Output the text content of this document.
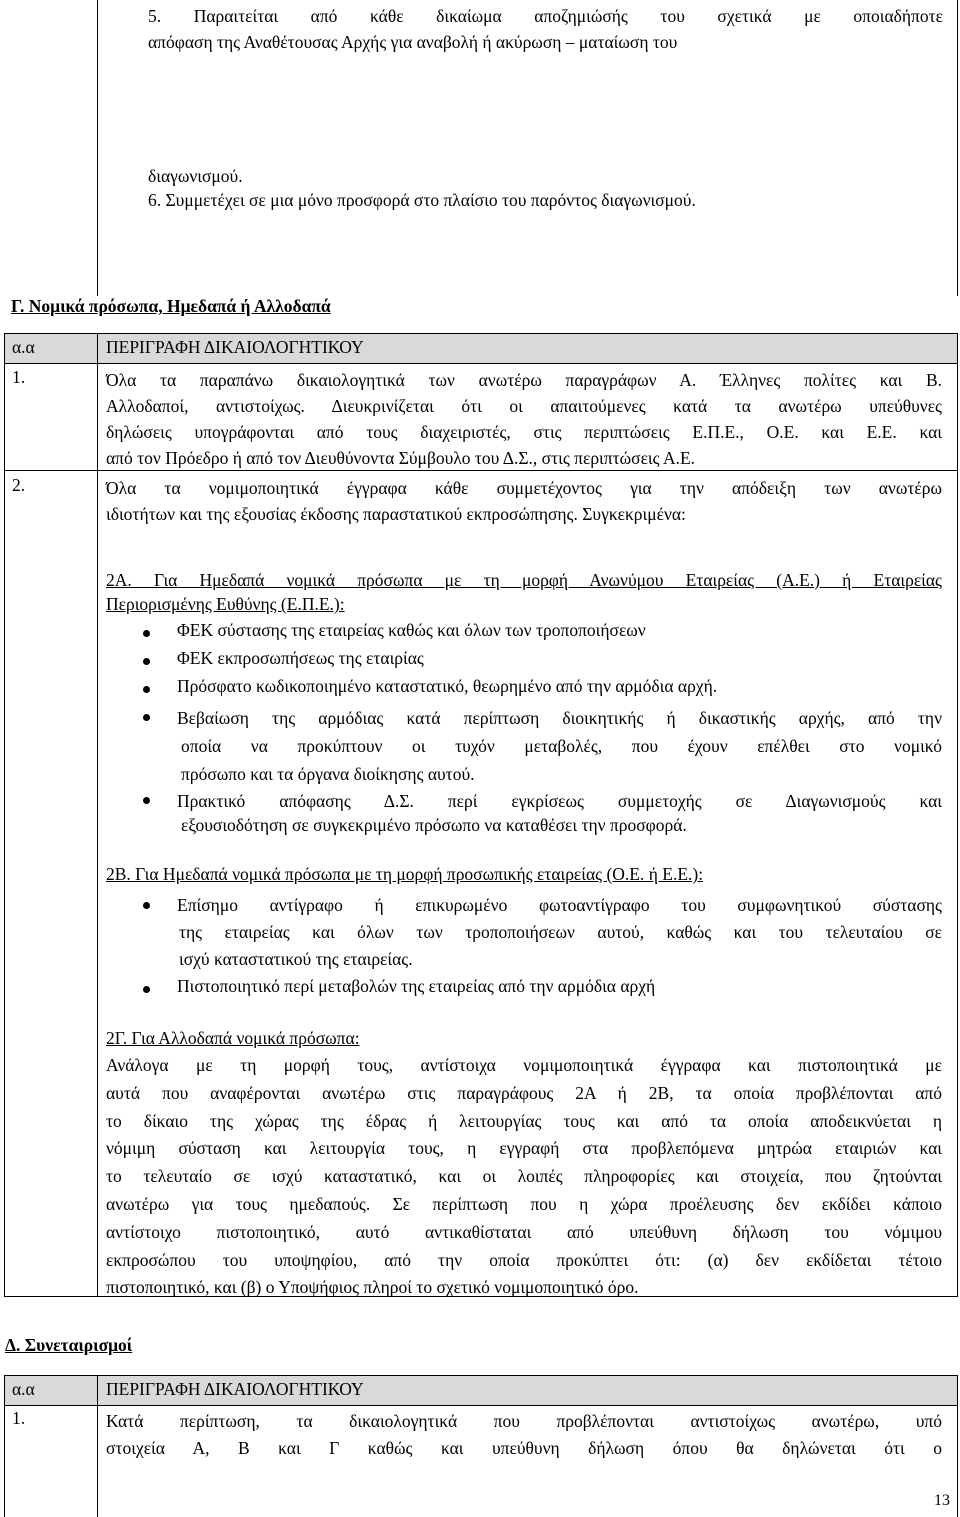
5. Παραιτείται από κάθε δικαίωμα αποζημιώσής του σχετικά με οποιαδήποτε
απόφαση της Αναθέτουσας Αρχής για αναβολή ή ακύρωση – ματαίωση του
διαγωνισμού.
6. Συμμετέχει σε μια μόνο προσφορά στο πλαίσιο του παρόντος διαγωνισμού.
Γ. Νομικά πρόσωπα, Ημεδαπά ή Αλλοδαπά
α.α	ΠΕΡΙΓΡΑΦΗ ΔΙΚΑΙΟΛΟΓΗΤΙΚΟΥ
1.	Όλα τα παραπάνω δικαιολογητικά των ανωτέρω παραγράφων Α. Έλληνες πολίτες και Β.
Αλλοδαποί, αντιστοίχως. Διευκρινίζεται ότι οι απαιτούμενες κατά τα ανωτέρω υπεύθυνες
δηλώσεις υπογράφονται από τους διαχειριστές, στις περιπτώσεις Ε.Π.Ε., Ο.Ε. και Ε.Ε. και
από τον Πρόεδρο ή από τον Διευθύνοντα Σύμβουλο του Δ.Σ., στις περιπτώσεις Α.Ε.
2.	Όλα τα νομιμοποιητικά έγγραφα κάθε συμμετέχοντος για την απόδειξη των ανωτέρω
ιδιοτήτων και της εξουσίας έκδοσης παραστατικού εκπροσώπησης. Συγκεκριμένα:
2Α. Για Ημεδαπά νομικά πρόσωπα με τη μορφή Ανωνύμου Εταιρείας (Α.Ε.) ή Εταιρείας
Περιορισμένης Ευθύνης (Ε.Π.Ε.):
ΦΕΚ σύστασης της εταιρείας καθώς και όλων των τροποποιήσεων
ΦΕΚ εκπροσωπήσεως της εταιρίας
Πρόσφατο κωδικοποιημένο καταστατικό, θεωρημένο από την αρμόδια αρχή.
Βεβαίωση της αρμόδιας κατά περίπτωση διοικητικής ή δικαστικής αρχής, από την
οποία να προκύπτουν οι τυχόν μεταβολές, που έχουν επέλθει στο νομικό
πρόσωπο και τα όργανα διοίκησης αυτού.
Πρακτικό απόφασης Δ.Σ. περί εγκρίσεως συμμετοχής σε Διαγωνισμούς και
εξουσιοδότηση σε συγκεκριμένο πρόσωπο να καταθέσει την προσφορά.
2Β. Για Ημεδαπά νομικά πρόσωπα με τη μορφή προσωπικής εταιρείας (Ο.Ε. ή Ε.Ε.):
Επίσημο αντίγραφο ή επικυρωμένο φωτοαντίγραφο του συμφωνητικού σύστασης
της εταιρείας και όλων των τροποποιήσεων αυτού, καθώς και του τελευταίου σε
ισχύ καταστατικού της εταιρείας.
Πιστοποιητικό περί μεταβολών της εταιρείας από την αρμόδια αρχή
2Γ. Για Αλλοδαπά νομικά πρόσωπα:
Ανάλογα με τη μορφή τους, αντίστοιχα νομιμοποιητικά έγγραφα και πιστοποιητικά με
αυτά που αναφέρονται ανωτέρω στις παραγράφους 2Α ή 2Β, τα οποία προβλέπονται από
το δίκαιο της χώρας της έδρας ή λειτουργίας τους και από τα οποία αποδεικνύεται η
νόμιμη σύσταση και λειτουργία τους, η εγγραφή στα προβλεπόμενα μητρώα εταιριών και
το τελευταίο σε ισχύ καταστατικό, και οι λοιπές πληροφορίες και στοιχεία, που ζητούνται
ανωτέρω για τους ημεδαπούς. Σε περίπτωση που η χώρα προέλευσης δεν εκδίδει κάποιο
αντίστοιχο πιστοποιητικό, αυτό αντικαθίσταται από υπεύθυνη δήλωση του νόμιμου
εκπροσώπου του υποψηφίου, από την οποία προκύπτει ότι: (α) δεν εκδίδεται τέτοιο
πιστοποιητικό, και (β) ο Υποψήφιος πληροί το σχετικό νομιμοποιητικό όρο.
Δ. Συνεταιρισμοί
α.α	ΠΕΡΙΓΡΑΦΗ ΔΙΚΑΙΟΛΟΓΗΤΙΚΟΥ
1.	Κατά περίπτωση, τα δικαιολογητικά που προβλέπονται αντιστοίχως ανωτέρω, υπό
στοιχεία Α, Β και Γ καθώς και υπεύθυνη δήλωση όπου θα δηλώνεται ότι ο
13
